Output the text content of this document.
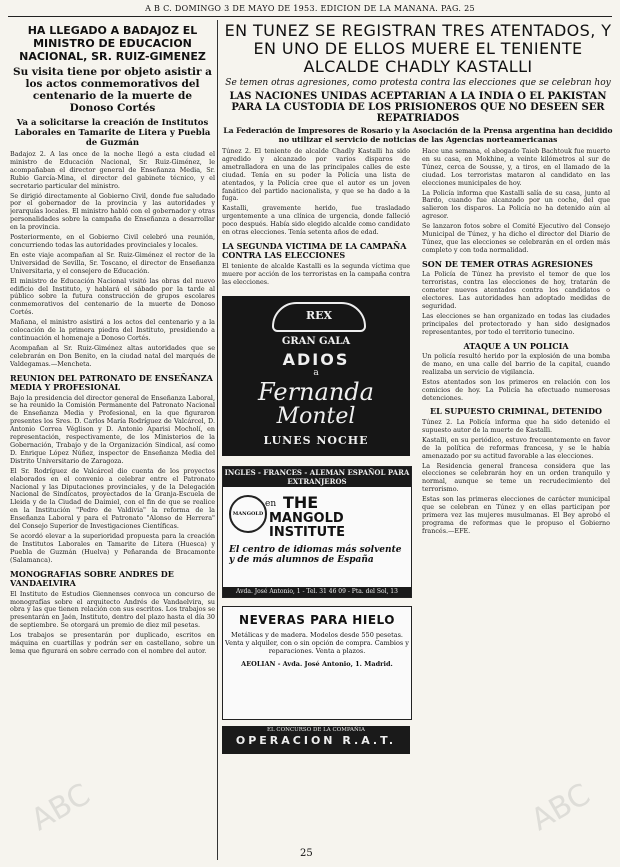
A B C. DOMINGO 3 DE MAYO DE 1953. EDICION DE LA MAÑANA. PAG. 25
HA LLEGADO A BADAJOZ EL MINISTRO DE EDUCACION NACIONAL, SR. RUIZ-GIMENEZ
Su visita tiene por objeto asistir a los actos conmemorativos del centenario de la muerte de Donoso Cortés
Va a solicitarse la creación de Institutos Laborales en Tamarite de Litera y Puebla de Guzmán

Badajoz 2. A las once de la noche llegó a esta ciudad el ministro de Educación Nacional, Sr. Ruiz-Giménez, le acompañaban el director general de Enseñanza Media, Sr. Rubio García-Mina, el director del gabinete técnico, y el secretario particular del ministro.

Se dirigió directamente al Gobierno Civil, donde fue saludado por el gobernador de la provincia y las autoridades y jerarquías locales. El ministro habló con el gobernador y otras personalidades sobre la campaña de Enseñanza a desarrollar en la provincia.

Posteriormente, en el Gobierno Civil celebró una reunión, concurriendo todas las autoridades provinciales y locales.

En este viaje acompañan al Sr. Ruiz-Giménez el rector de la Universidad de Sevilla, Sr. Toscano, el director de Enseñanza Universitaria, y el consejero de Educación.

El ministro de Educación Nacional visitó las obras del nuevo edificio del Instituto, y hablará el sábado por la tarde al público sobre la futura construcción de grupos escolares conmemorativos del centenario de la muerte de Donoso Cortés.

Mañana, el ministro asistirá a los actos del centenario y a la colocación de la primera piedra del Instituto, presidiendo a continuación el homenaje a Donoso Cortés.

Acompañan al Sr. Ruiz-Giménez altas autoridades que se celebrarán en Don Benito, en la ciudad natal del marqués de Valdegamas.—Mencheta.

REUNION DEL PATRONATO DE ENSEÑANZA MEDIA Y PROFESIONAL

Bajo la presidencia del director general de Enseñanza Laboral, se ha reunido la Comisión Permanente del Patronato Nacional de Enseñanza Media y Profesional, en la que figuraron presentes los Sres. D. Carlos María Rodríguez de Valcárcel, D. Antonio Correa Véglison y D. Antonio Aparisi Mocholí, en representación, respectivamente, de los Ministerios de la Gobernación, Trabajo y de la Organización Sindical, así como D. Enrique López Núñez, inspector de Enseñanza Media del Distrito Universitario de Zaragoza.

El Sr. Rodríguez de Valcárcel dio cuenta de los proyectos elaborados en el convenio a celebrar entre el Patronato Nacional y las Diputaciones provinciales, y de la Delegación Nacional de Sindicatos, proyectados de la Granja-Escuela de Lleida y de la Ciudad de Daimiel, con el fin de que se realice en la Institución "Pedro de Valdivia" la reforma de la Enseñanza Laboral y para el Patronato "Alonso de Herrera" del Consejo Superior de Investigaciones Científicas.

Se acordó elevar a la superioridad propuesta para la creación de Institutos Laborales en Tamarite de Litera (Huesca) y Puebla de Guzmán (Huelva) y Peñaranda de Bracamonte (Salamanca).

MONOGRAFIAS SOBRE ANDRES DE VANDAELVIRA

El Instituto de Estudios Giennenses convoca un concurso de monografías sobre el arquitecto Andrés de Vandaelvira, su obra y las que tienen relación con sus escritos. Los trabajos se presentarán en Jaén, Instituto, dentro del plazo hasta el día 30 de septiembre. Se otorgará un premio de diez mil pesetas.

Los trabajos se presentarán por duplicado, escritos en máquina en cuartillas y podrán ser en castellano, sobre un lema que figurará en sobre cerrado con el nombre del autor.

EN TUNEZ SE REGISTRAN TRES ATENTADOS, Y EN UNO DE ELLOS MUERE EL TENIENTE ALCALDE CHADLY KASTALLI
Se temen otras agresiones, como protesta contra las elecciones que se celebran hoy
LAS NACIONES UNIDAS ACEPTARIAN A LA INDIA O EL PAKISTAN PARA LA CUSTODIA DE LOS PRISIONEROS QUE NO DESEEN SER REPATRIADOS
La Federación de Impresores de Rosario y la Asociación de la Prensa argentina han decidido no utilizar el servicio de noticias de las Agencias norteamericanas

Túnez 2. El teniente de alcalde Chadly Kastalli ha sido agredido y alcanzado por varios disparos de ametralladora en una de las principales calles de este ciudad. Tenía en su poder la Policía una lista de atentados, y la Policía cree que el autor es un joven fanático del partido nacionalista, y que se ha dado a la fuga.

Kastalli, gravemente herido, fue trasladado urgentemente a una clínica de urgencia, donde falleció poco después. Había sido elegido alcalde como candidato en otras elecciones. Tenía setenta años de edad.

LA SEGUNDA VICTIMA DE LA CAMPAÑA CONTRA LAS ELECCIONES

El teniente de alcalde Kastalli es la segunda víctima que muere por acción de los terroristas en la campaña contra las elecciones.

REX
GRAN GALA
ADIOS
a
Fernanda
Montel
LUNES NOCHE
INGLES - FRANCES - ALEMAN ESPAÑOL PARA EXTRANJEROS
MANGOLD
en THE
MANGOLD
INSTITUTE
El centro de idiomas más solvente y de más alumnos de España
Avda. José Antonio, 1 - Tel. 31 46 09 - Pta. del Sol, 13
NEVERAS PARA HIELO
Metálicas y de madera. Modelos desde 550 pesetas. Venta y alquiler, con o sin opción de compra. Cambios y reparaciones. Venta a plazos.
AEOLIAN - Avda. José Antonio, 1. Madrid.
EL CONCURSO DE LA COMPAÑIA
OPERACION R.A.T.

Hace una semana, el abogado Taieb Bachtouk fue muerto en su casa, en Mokhine, a veinte kilómetros al sur de Túnez, cerca de Sousse, y, a tiros, en el llamado de la ciudad. Los terroristas mataron al candidato en las elecciones municipales de hoy.

La Policía informa que Kastalli salía de su casa, junto al Bardo, cuando fue alcanzado por un coche, del que salieron los disparos. La Policía no ha detenido aún al agresor.

Se lanzaron fotos sobre el Comité Ejecutivo del Consejo Municipal de Túnez, y ha dicho el director del Diario de Túnez, que las elecciones se celebrarán en el orden más completo y con toda normalidad.

SON DE TEMER OTRAS AGRESIONES

La Policía de Túnez ha previsto el temor de que los terroristas, contra las elecciones de hoy, tratarán de cometer nuevos atentados contra los candidatos o electores. Las autoridades han adoptado medidas de seguridad.

Las elecciones se han organizado en todas las ciudades principales del protectorado y han sido designados representantes, por todo el territorio tunecino.

ATAQUE A UN POLICIA

Un policía resultó herido por la explosión de una bomba de mano, en una calle del barrio de la capital, cuando realizaba un servicio de vigilancia.

Estos atentados son los primeros en relación con los comicios de hoy. La Policía ha efectuado numerosas detenciones.

EL SUPUESTO CRIMINAL, DETENIDO

Túnez 2. La Policía informa que ha sido detenido el supuesto autor de la muerte de Kastalli.

Kastalli, en su periódico, estuvo frecuentemente en favor de la política de reformas francesa, y se le había amenazado por su actitud favorable a las elecciones.

La Residencia general francesa considera que las elecciones se celebrarán hoy en un orden tranquilo y normal, aunque se teme un recrudecimiento del terrorismo.

Estas son las primeras elecciones de carácter municipal que se celebran en Túnez y en ellas participan por primera vez las mujeres musulmanas. El Bey aprobó el programa de reformas que le propuso el Gobierno francés.—EFE.

ABC	ABC
25
